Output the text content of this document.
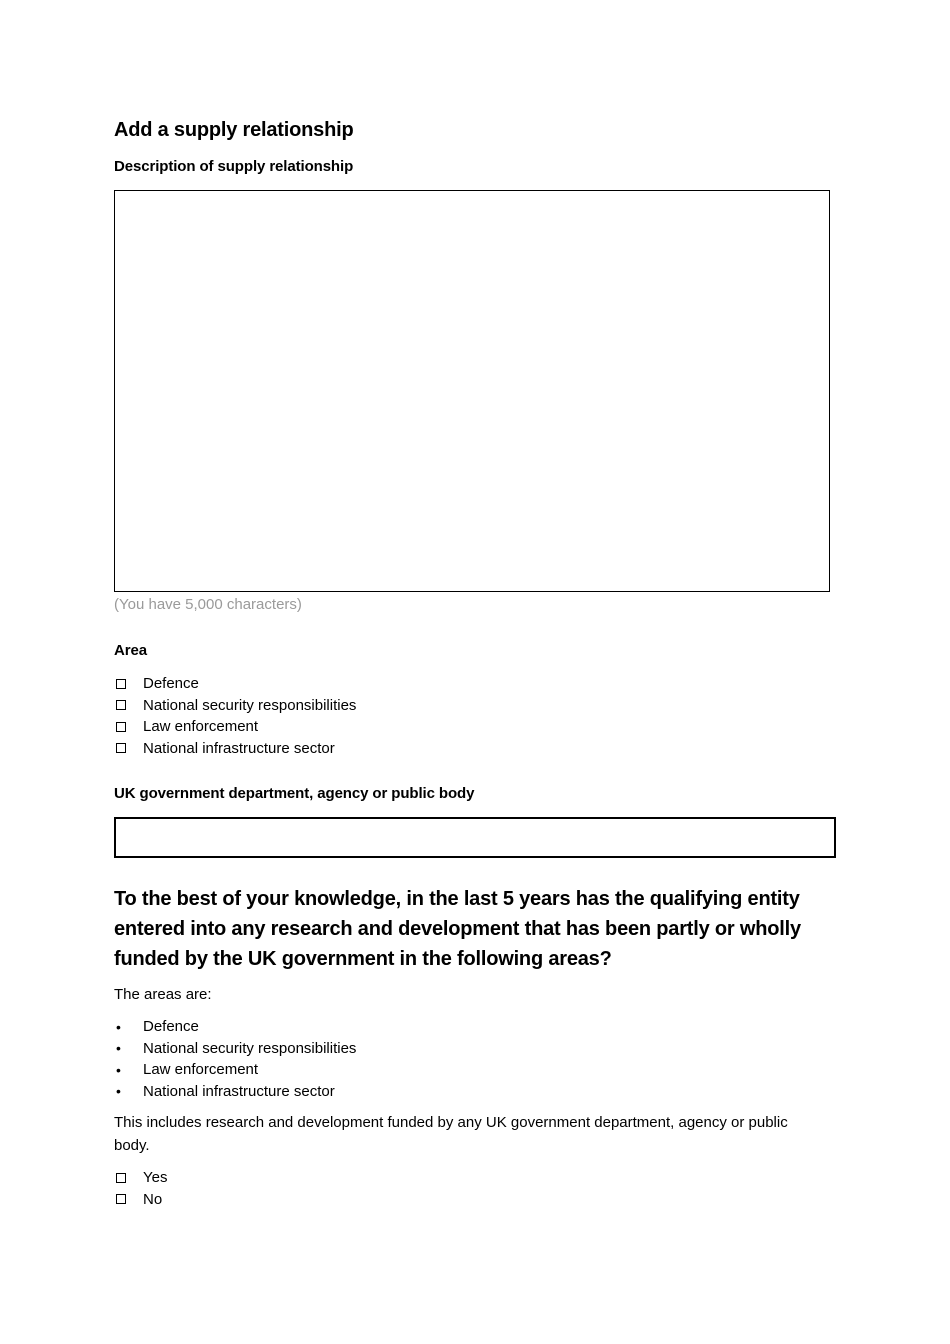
Add a supply relationship

Description of supply relationship

(You have 5,000 characters)

Area

Defence
National security responsibilities
Law enforcement
National infrastructure sector

UK government department, agency or public body

To the best of your knowledge, in the last 5 years has the qualifying entity entered into any research and development that has been partly or wholly funded by the UK government in the following areas?

The areas are:

•	Defence
•	National security responsibilities
•	Law enforcement
•	National infrastructure sector

This includes research and development funded by any UK government department, agency or public body.

Yes
No
